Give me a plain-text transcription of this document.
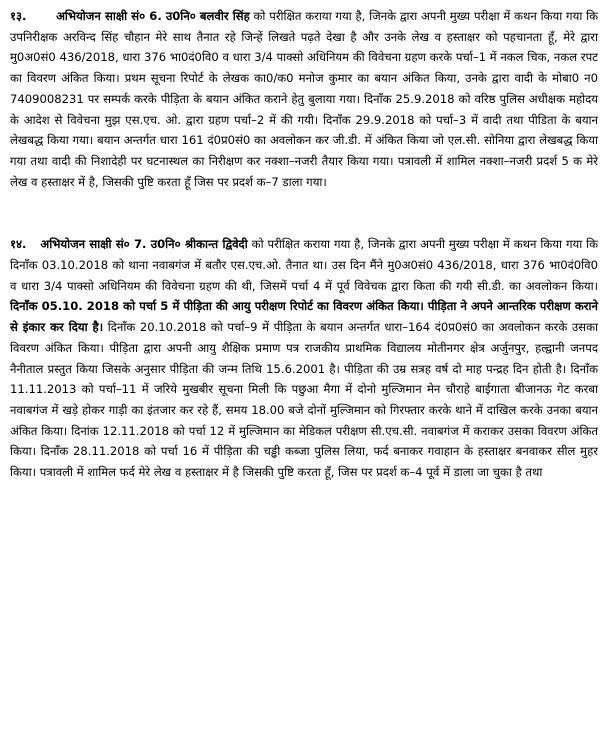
१३.	अभियोजन साक्षी सं० 6. उ0नि० बलवीर सिंह को परीक्षित कराया गया है, जिनके द्वारा अपनी मुख्य परीक्षा में कथन किया गया कि उपनिरीक्षक अरविन्द सिंह चौहान मेरे साथ तैनात रहे जिन्हें लिखते पढ़ते देखा है और उनके लेख व हस्ताक्षर को पहचानता हूँ, मेरे द्वारा मु0अ0सं0 436/2018, धारा 376 भा0दं0वि0 व धारा 3/4 पाक्सो अधिनियम की विवेचना ग्रहण करके पर्चा–1 में नकल चिक, नकल रपट का विवरण अंकित किया। प्रथम सूचना रिपोर्ट के लेखक का0/क0 मनोज कुमार का बयान अंकित किया, उनके द्वारा वादी के मोबा0 न0 7409008231 पर सम्पर्क करके पीड़िता के बयान अंकित कराने हेतु बुलाया गया। दिनाँक 25.9.2018 को वरिष्ठ पुलिस अधीक्षक महोदय के आदेश से विवेचना मुझ एस.एच. ओ. द्वारा ग्रहण पर्चा–2 में की गयी। दिनाँक 29.9.2018 को पर्चा–3 में वादी तथा पीडिता के बयान लेखबद्ध किया गया। बयान अन्तर्गत धारा 161 दं0प्र0सं0 का अवलोकन कर जी.डी. में अंकित किया जो एल.सी. सोनिया द्वारा लेखबद्ध किया गया तथा वादी की निशादेही पर घटनास्थल का निरीक्षण कर नक्शा–नजरी तैयार किया गया। पत्रावली में शामिल नक्शा–नजरी प्रदर्श 5 क मेरे लेख व हस्ताक्षर में है, जिसकी पुष्टि करता हूँ जिस पर प्रदर्श क–7 डाला गया।

१४. अभियोजन साक्षी सं० 7. उ0नि० श्रीकान्त द्विवेदी को परीक्षित कराया गया है, जिनके द्वारा अपनी मुख्य परीक्षा में कथन किया गया कि दिनाँक 03.10.2018 को थाना नवाबगंज में बतौर एस.एच.ओ. तैनात था। उस दिन मैंने मु0अ0सं0 436/2018, धारा 376 भा0दं0वि0 व धारा 3/4 पाक्सो अधिनियम की विवेचना ग्रहण की थी, जिसमें पर्चा 4 में पूर्व विवेचक द्वारा किता की गयी सी.डी. का अवलोकन किया। दिनाँक 05.10. 2018 को पर्चा 5 में पीड़िता की आयु परीक्षण रिपोर्ट का विवरण अंकित किया। पीड़िता ने अपने आन्तरिक परीक्षण कराने से इंकार कर दिया है। दिनाँक 20.10.2018 को पर्चा–9 में पीड़िता के बयान अन्तर्गत धारा–164 दं0प्र0सं0 का अवलोकन करके उसका विवरण अंकित किया। पीड़िता द्वारा अपनी आयु शैक्षिक प्रमाण पत्र राजकीय प्राथमिक विद्यालय मोतीनगर क्षेत्र अर्जुनपुर, हल्द्वानी जनपद नैनीताल प्रस्तुत किया जिसके अनुसार पीड़िता की जन्म तिथि 15.6.2001 है। पीड़िता की उम्र सत्रह वर्ष दो माह पन्द्रह दिन होती है। दिनाँक 11.11.2013 को पर्चा–11 में जरिये मुखबीर सूचना मिली कि पछुआ मैगा में दोनो मुल्जिमान मेन चौराहे बाईगाता बीजानऊ गेट करबा नवाबगंज में खड़े होकर गाड़ी का इंतजार कर रहे हैं, समय 18.00 बजे दोनों मुल्जिमान को गिरफ्तार करके थाने में दाखिल करके उनका बयान अंकित किया। दिनांक 12.11.2018 को पर्चा 12 में मुल्जिमान का मेडिकल परीक्षण सी.एच.सी. नवाबगंज में कराकर उसका विवरण अंकित किया। दिनाँक 28.11.2018 को पर्चा 16 में पीड़िता की चड्ढी कब्जा पुलिस लिया, फर्द बनाकर गवाहान के हस्ताक्षर बनवाकर सील मुहर किया। पत्रावली में शामिल फर्द मेरे लेख व हस्ताक्षर में है जिसकी पुष्टि करता हूँ, जिस पर प्रदर्श क–4 पूर्व में डाला जा चुका है तथा
